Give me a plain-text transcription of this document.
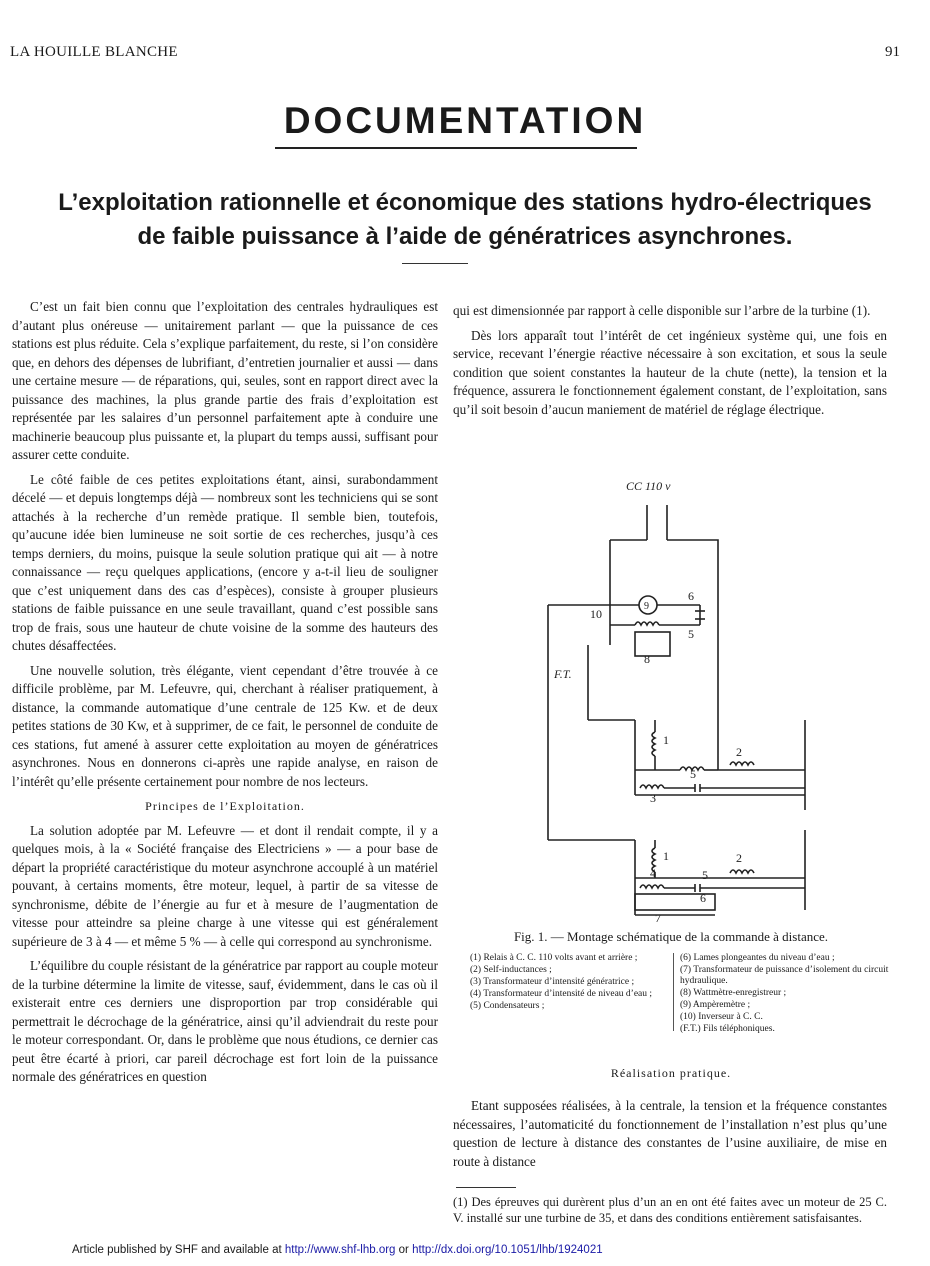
LA HOUILLE BLANCHE	91
DOCUMENTATION
L’exploitation rationnelle et économique des stations hydro-électriques
de faible puissance à l’aide de génératrices asynchrones.

C’est un fait bien connu que l’exploitation des centrales hydrauliques est d’autant plus onéreuse — unitairement parlant — que la puissance de ces stations est plus réduite. Cela s’explique parfaitement, du reste, si l’on considère que, en dehors des dépenses de lubrifiant, d’entretien journalier et aussi — dans une certaine mesure — de réparations, qui, seules, sont en rapport direct avec la puissance des machines, la plus grande partie des frais d’exploitation est représentée par les salaires d’un personnel parfaitement apte à conduire une machinerie beaucoup plus puissante et, la plupart du temps aussi, suffisant pour assurer cette conduite.

Le côté faible de ces petites exploitations étant, ainsi, surabondamment décelé — et depuis longtemps déjà — nombreux sont les techniciens qui se sont attachés à la recherche d’un remède pratique. Il semble bien, toutefois, qu’aucune idée bien lumineuse ne soit sortie de ces recherches, jusqu’à ces temps derniers, du moins, puisque la seule solution pratique qui ait — à notre connaissance — reçu quelques applications, (encore y a-t-il lieu de souligner que c’est uniquement dans des cas d’espèces), consiste à grouper plusieurs stations de faible puissance en une seule travaillant, quand c’est possible sans trop de frais, sous une hauteur de chute voisine de la somme des hauteurs des chutes désaffectées.

Une nouvelle solution, très élégante, vient cependant d’être trouvée à ce difficile problème, par M. Lefeuvre, qui, cherchant à réaliser pratiquement, à distance, la commande automatique d’une centrale de 125 Kw. et de deux petites stations de 30 Kw, et à supprimer, de ce fait, le personnel de conduite de ces stations, fut amené à assurer cette exploitation au moyen de génératrices asynchrones. Nous en donnerons ci-après une rapide analyse, en raison de l’intérêt qu’elle présente certainement pour nombre de nos lecteurs.

Principes de l’Exploitation.

La solution adoptée par M. Lefeuvre — et dont il rendait compte, il y a quelques mois, à la « Société française des Electriciens » — a pour base de départ la propriété caractéristique du moteur asynchrone accouplé à un matériel pouvant, à certains moments, être moteur, lequel, à partir de sa vitesse de synchronisme, débite de l’énergie au fur et à mesure de l’augmentation de vitesse pour atteindre sa pleine charge à une vitesse qui est généralement supérieure de 3 à 4 — et même 5 % — à celle qui correspond au synchronisme.

L’équilibre du couple résistant de la génératrice par rapport au couple moteur de la turbine détermine la limite de vitesse, sauf, évidemment, dans le cas où il existerait entre ces derniers une disproportion par trop considérable qui permettrait le décrochage de la génératrice, ainsi qu’il adviendrait du reste pour le moteur correspondant. Or, dans le problème que nous étudions, ce dernier cas peut être écarté à priori, car pareil décrochage est fort loin de la puissance normale des génératrices en question

qui est dimensionnée par rapport à celle disponible sur l’arbre de la turbine (1).

Dès lors apparaît tout l’intérêt de cet ingénieux système qui, une fois en service, recevant l’énergie réactive nécessaire à son excitation, et sous la seule condition que soient constantes la hauteur de la chute (nette), la tension et la fréquence, assurera le fonctionnement également constant, de l’exploitation, sans qu’il soit besoin d’aucun maniement de matériel de réglage électrique.

CC 110 v
F.T.
9
10
6
5
8
1
2
5
3
1	2
4	5
6
7
Fig. 1. — Montage schématique de la commande à distance.
(1) Relais à C. C. 110 volts avant et arrière ;
(2) Self-inductances ;
(3) Transformateur d’intensité génératrice ;
(4) Transformateur d’intensité de niveau d’eau ;
(5) Condensateurs ;
(6) Lames plongeantes du niveau d’eau ;
(7) Transformateur de puissance d’isolement du circuit hydraulique.
(8) Wattmètre-enregistreur ;
(9) Ampèremètre ;
(10) Inverseur à C. C.
(F.T.) Fils téléphoniques.
Réalisation pratique.

Etant supposées réalisées, à la centrale, la tension et la fréquence constantes nécessaires, l’automaticité du fonctionnement de l’installation n’est plus qu’une question de lecture à distance des constantes de l’usine auxiliaire, de mise en route à distance

(1) Des épreuves qui durèrent plus d’un an en ont été faites avec un moteur de 25 C. V. installé sur une turbine de 35, et dans des conditions entièrement satisfaisantes.
Article published by SHF and available at http://www.shf-lhb.org or http://dx.doi.org/10.1051/lhb/1924021
